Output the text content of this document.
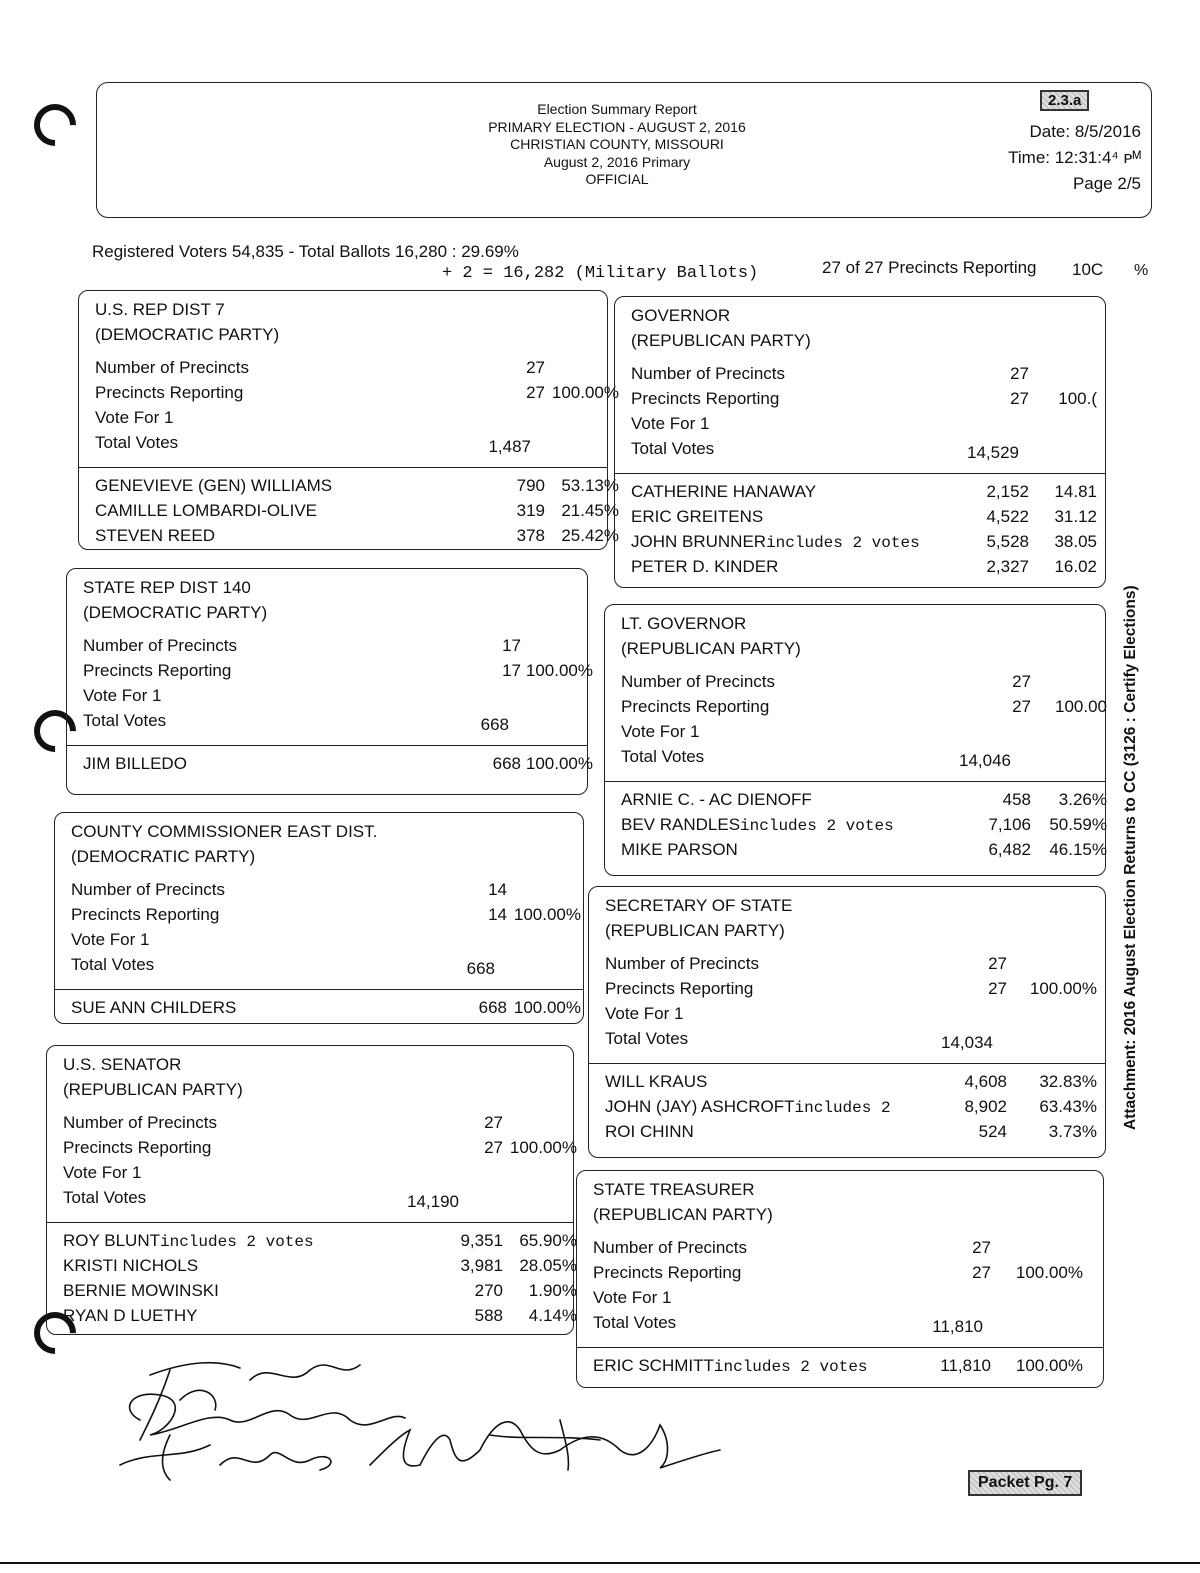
Election Summary Report
PRIMARY ELECTION - AUGUST 2, 2016
CHRISTIAN COUNTY, MISSOURI
August 2, 2016 Primary
OFFICIAL
Date: 8/5/2016
Time: 12:31:4⁴ ᴘᴹ
Page 2/5
2.3.a
Registered Voters 54,835 - Total Ballots 16,280 : 29.69%
+ 2 = 16,282 (Military Ballots)	27 of 27 Precincts Reporting 10C %
U.S. REP DIST 7
(DEMOCRATIC PARTY)
Number of Precincts	27
Precincts Reporting	27 100.00%
Vote For 1
Total Votes	1,487
GENEVIEVE (GEN) WILLIAMS	790 53.13%
CAMILLE LOMBARDI-OLIVE	319 21.45%
STEVEN REED	378 25.42%
STATE REP DIST 140
(DEMOCRATIC PARTY)
Number of Precincts	17
Precincts Reporting	17 100.00%
Vote For 1
Total Votes	668
JIM BILLEDO	668 100.00%
COUNTY COMMISSIONER EAST DIST.
(DEMOCRATIC PARTY)
Number of Precincts	14
Precincts Reporting	14 100.00%
Vote For 1
Total Votes	668
SUE ANN CHILDERS	668 100.00%
U.S. SENATOR
(REPUBLICAN PARTY)
Number of Precincts	27
Precincts Reporting	27 100.00%
Vote For 1
Total Votes	14,190
ROY BLUNTincludes 2 votes	9,351 65.90%
KRISTI NICHOLS	3,981 28.05%
BERNIE MOWINSKI	270	1.90%
RYAN D LUETHY	588	4.14%
GOVERNOR
(REPUBLICAN PARTY)
Number of Precincts	27
Precincts Reporting	27	100.(
Vote For 1
Total Votes	14,529
CATHERINE HANAWAY	2,152	14.81
ERIC GREITENS	4,522	31.12
JOHN BRUNNERincludes 2 votes	5,528	38.05
PETER D. KINDER	2,327	16.02
LT. GOVERNOR
(REPUBLICAN PARTY)
Number of Precincts	27
Precincts Reporting	27	100.00
Vote For 1
Total Votes	14,046
ARNIE C. - AC DIENOFF	458	3.26%
BEV RANDLESincludes 2 votes	7,106	50.59%
MIKE PARSON	6,482	46.15%
SECRETARY OF STATE
(REPUBLICAN PARTY)
Number of Precincts	27
Precincts Reporting	27	100.00%
Vote For 1
Total Votes	14,034
WILL KRAUS	4,608	32.83%
JOHN (JAY) ASHCROFTincludes 2	8,902	63.43%
ROI CHINN	524	3.73%
STATE TREASURER
(REPUBLICAN PARTY)
Number of Precincts	27
Precincts Reporting	27	100.00%
Vote For 1
Total Votes	11,810
ERIC SCHMITTincludes 2 votes	11,810	100.00%
Attachment: 2016 August Election Returns to CC (3126 : Certify Elections)
Packet Pg. 7
